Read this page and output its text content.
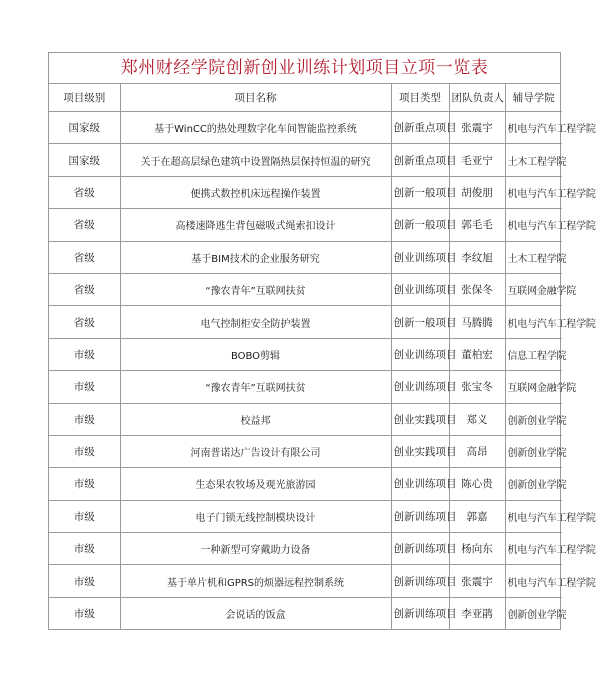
郑州财经学院创新创业训练计划项目立项一览表
项目级别	项目名称	项目类型	团队负责人	辅导学院
国家级	基于WinCC的热处理数字化车间智能监控系统	创新重点项目	张震宇	机电与汽车工程学院
国家级	关于在超高层绿色建筑中设置隔热层保持恒温的研究	创新重点项目	毛亚宁	土木工程学院
省级	便携式数控机床远程操作装置	创新一般项目	胡俊朋	机电与汽车工程学院
省级	高楼速降逃生背包磁吸式绳索扣设计	创新一般项目	郭毛毛	机电与汽车工程学院
省级	基于BIM技术的企业服务研究	创业训练项目	李纹旭	土木工程学院
省级	“豫农青年”互联网扶贫	创业训练项目	张保冬	互联网金融学院
省级	电气控制柜安全防护装置	创新一般项目	马腾腾	机电与汽车工程学院
市级	BOBO剪辑	创业训练项目	董柏宏	信息工程学院
市级	“豫农青年”互联网扶贫	创业训练项目	张宝冬	互联网金融学院
市级	校益邦	创业实践项目	郑义	创新创业学院
市级	河南普诺达广告设计有限公司	创业实践项目	高昂	创新创业学院
市级	生态果农牧场及观光旅游园	创业训练项目	陈心贵	创新创业学院
市级	电子门锁无线控制模块设计	创新训练项目	郭嘉	机电与汽车工程学院
市级	一种新型可穿戴助力设备	创新训练项目	杨向东	机电与汽车工程学院
市级	基于单片机和GPRS的烦器远程控制系统	创新训练项目	张震宇	机电与汽车工程学院
市级	会说话的饭盒	创新训练项目	李亚鹃	创新创业学院
